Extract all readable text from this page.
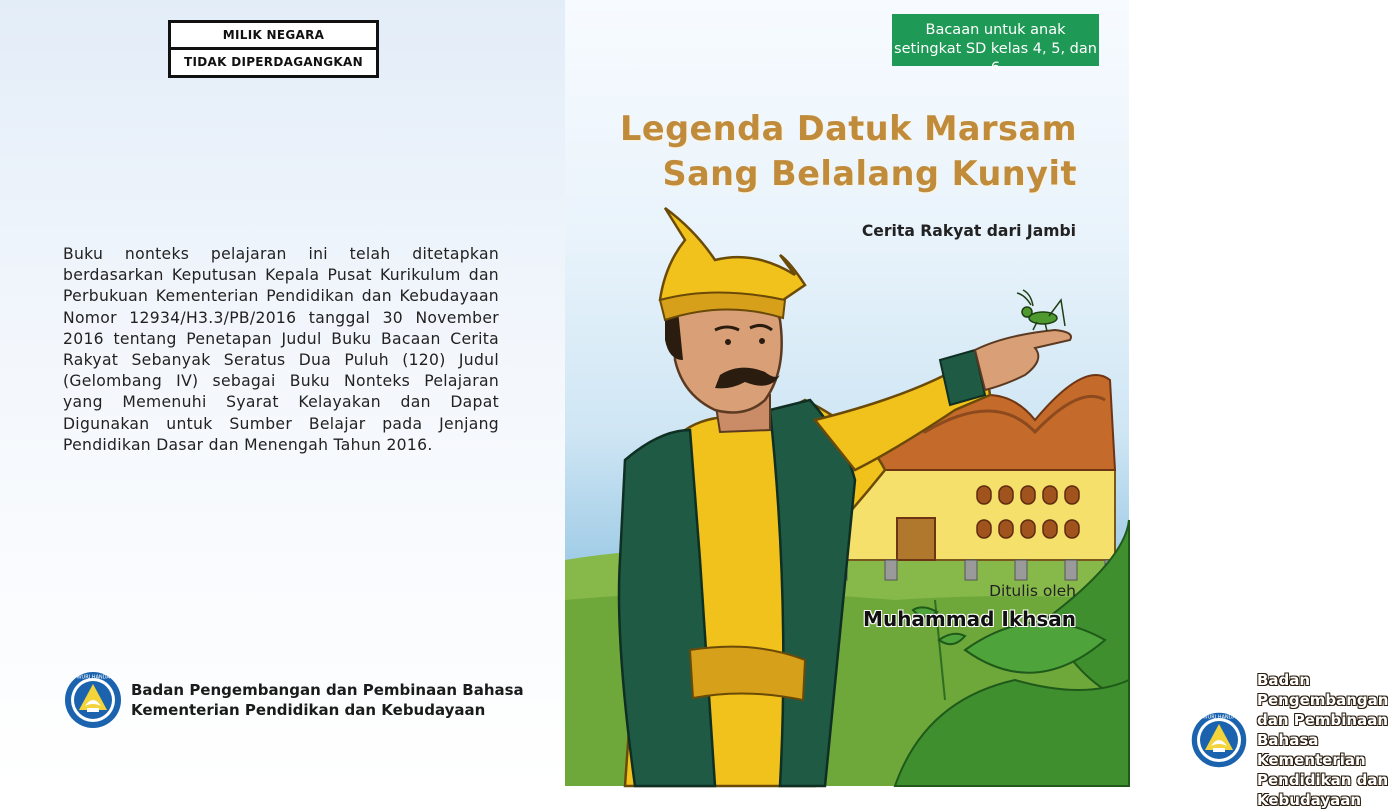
MILIK NEGARA
TIDAK DIPERDAGANGKAN
Buku nonteks pelajaran ini telah ditetapkan berdasarkan Keputusan Kepala Pusat Kurikulum dan Perbukuan Kementerian Pendidikan dan Kebudayaan Nomor 12934/H3.3/PB/2016 tanggal 30 November 2016 tentang Penetapan Judul Buku Bacaan Cerita Rakyat Sebanyak Seratus Dua Puluh (120) Judul (Gelombang IV) sebagai Buku Nonteks Pelajaran yang Memenuhi Syarat Kelayakan dan Dapat Digunakan untuk Sumber Belajar pada Jenjang Pendidikan Dasar dan Menengah Tahun 2016.
TUT WURI HANDAYANI
Badan Pengembangan dan Pembinaan Bahasa
Kementerian Pendidikan dan Kebudayaan
Bacaan untuk anak
setingkat SD kelas 4, 5, dan 6
Legenda Datuk Marsam
Sang Belalang Kunyit
Cerita Rakyat dari Jambi
Ditulis oleh
Muhammad Ikhsan
TUT WURI HANDAYANI
Badan Pengembangan dan Pembinaan Bahasa
Kementerian Pendidikan dan Kebudayaan
